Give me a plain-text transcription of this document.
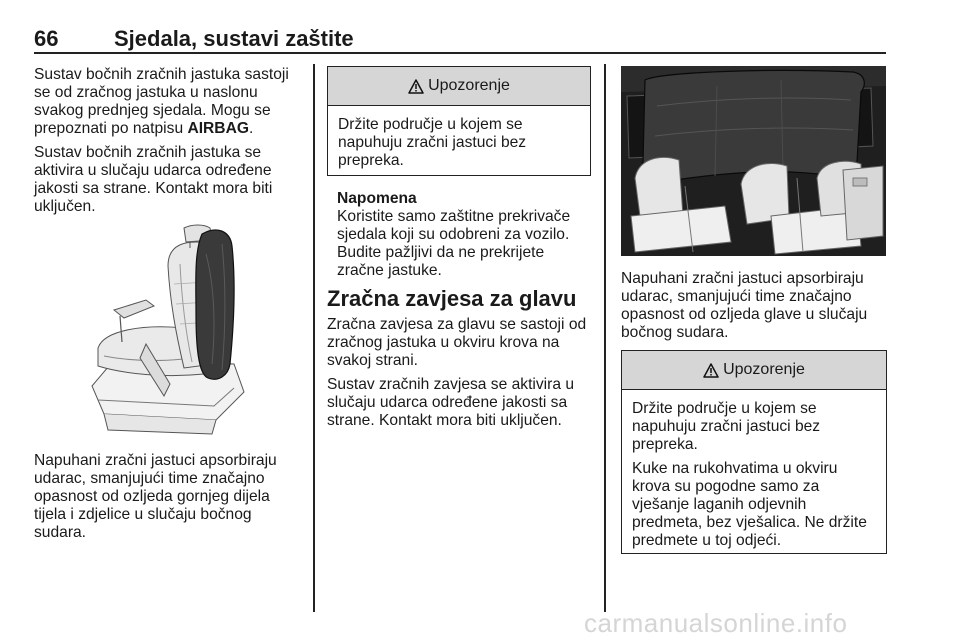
66	Sjedala, sustavi zaštite

Sustav bočnih zračnih jastuka sastoji se od zračnog jastuka u naslonu svakog prednjeg sjedala. Mogu se prepoznati po natpisu AIRBAG.

Sustav bočnih zračnih jastuka se aktivira u slučaju udarca određene jakosti sa strane. Kontakt mora biti uključen.

Napuhani zračni jastuci apsorbiraju udarac, smanjujući time značajno opasnost od ozljeda gornjeg dijela tijela i zdjelice u slučaju bočnog sudara.

Upozorenje

Držite područje u kojem se napuhuju zračni jastuci bez prepreka.

Napomena
Koristite samo zaštitne prekrivače sjedala koji su odobreni za vozilo. Budite pažljivi da ne prekrijete zračne jastuke.
Zračna zavjesa za glavu

Zračna zavjesa za glavu se sastoji od zračnog jastuka u okviru krova na svakoj strani.

Sustav zračnih zavjesa se aktivira u slučaju udarca određene jakosti sa strane. Kontakt mora biti uključen.

Napuhani zračni jastuci apsorbiraju udarac, smanjujući time značajno opasnost od ozljeda glave u slučaju bočnog sudara.

Upozorenje

Držite područje u kojem se napuhuju zračni jastuci bez prepreka.

Kuke na rukohvatima u okviru krova su pogodne samo za vješanje laganih odjevnih predmeta, bez vješalica. Ne držite predmete u toj odjeći.

carmanualsonline.info
